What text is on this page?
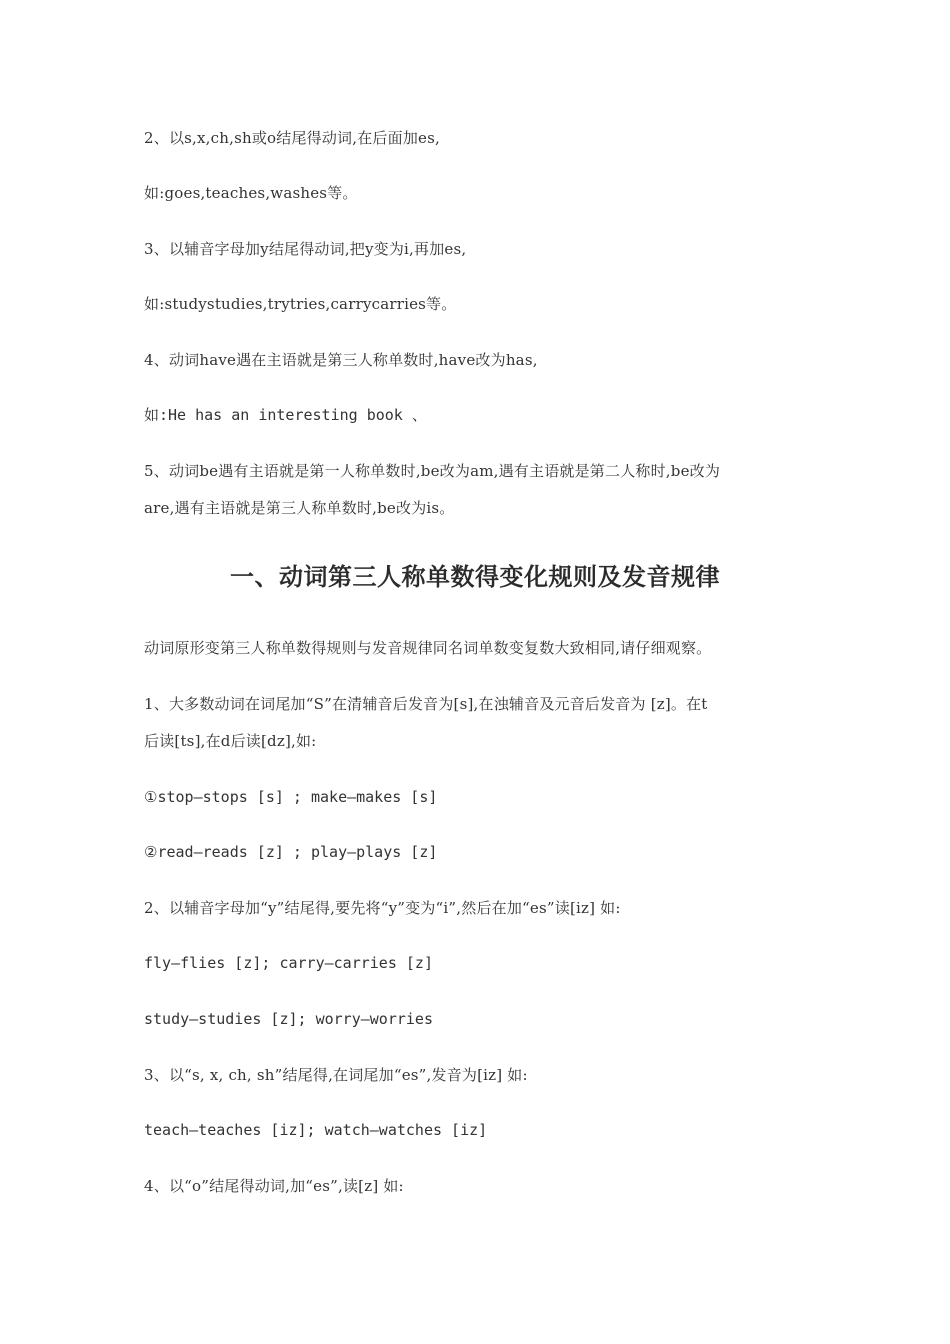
2、以s,x,ch,sh或o结尾得动词,在后面加es,
如:goes,teaches,washes等。
3、以辅音字母加y结尾得动词,把y变为i,再加es,
如:studystudies,trytries,carrycarries等。
4、动词have遇在主语就是第三人称单数时,have改为has,
如:He has an interesting book 、
5、动词be遇有主语就是第一人称单数时,be改为am,遇有主语就是第二人称时,be改为
are,遇有主语就是第三人称单数时,be改为is。
一、动词第三人称单数得变化规则及发音规律
动词原形变第三人称单数得规则与发音规律同名词单数变复数大致相同,请仔细观察。
1、大多数动词在词尾加“S”在清辅音后发音为[s],在浊辅音及元音后发音为 [z]。在t
后读[ts],在d后读[dz],如:
①stop—stops [s] ; make—makes [s]
②read—reads [z] ; play—plays [z]
2、以辅音字母加“y”结尾得,要先将“y”变为“i”,然后在加“es”读[iz] 如:
fly—flies [z]; carry—carries [z]
study—studies [z]; worry—worries
3、以“s, x, ch, sh”结尾得,在词尾加“es”,发音为[iz] 如:
teach—teaches [iz]; watch—watches [iz]
4、以“o”结尾得动词,加“es”,读[z] 如:
